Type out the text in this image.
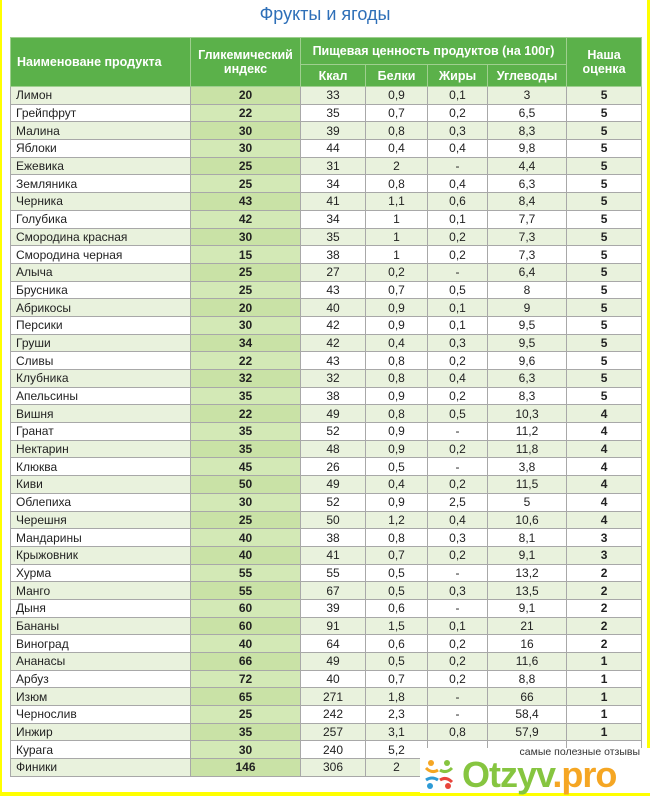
Фрукты и ягоды
Наименоване продукта	Гликемический индекс	Пищевая ценность продуктов (на 100г)				Наша оценка
		Ккал	Белки	Жиры	Углеводы	
Лимон	20	33	0,9	0,1	3	5
Грейпфрут	22	35	0,7	0,2	6,5	5
Малина	30	39	0,8	0,3	8,3	5
Яблоки	30	44	0,4	0,4	9,8	5
Ежевика	25	31	2	-	4,4	5
Земляника	25	34	0,8	0,4	6,3	5
Черника	43	41	1,1	0,6	8,4	5
Голубика	42	34	1	0,1	7,7	5
Смородина красная	30	35	1	0,2	7,3	5
Смородина черная	15	38	1	0,2	7,3	5
Алыча	25	27	0,2	-	6,4	5
Брусника	25	43	0,7	0,5	8	5
Абрикосы	20	40	0,9	0,1	9	5
Персики	30	42	0,9	0,1	9,5	5
Груши	34	42	0,4	0,3	9,5	5
Сливы	22	43	0,8	0,2	9,6	5
Клубника	32	32	0,8	0,4	6,3	5
Апельсины	35	38	0,9	0,2	8,3	5
Вишня	22	49	0,8	0,5	10,3	4
Гранат	35	52	0,9	-	11,2	4
Нектарин	35	48	0,9	0,2	11,8	4
Клюква	45	26	0,5	-	3,8	4
Киви	50	49	0,4	0,2	11,5	4
Облепиха	30	52	0,9	2,5	5	4
Черешня	25	50	1,2	0,4	10,6	4
Мандарины	40	38	0,8	0,3	8,1	3
Крыжовник	40	41	0,7	0,2	9,1	3
Хурма	55	55	0,5	-	13,2	2
Манго	55	67	0,5	0,3	13,5	2
Дыня	60	39	0,6	-	9,1	2
Бананы	60	91	1,5	0,1	21	2
Виноград	40	64	0,6	0,2	16	2
Ананасы	66	49	0,5	0,2	11,6	1
Арбуз	72	40	0,7	0,2	8,8	1
Изюм	65	271	1,8	-	66	1
Чернослив	25	242	2,3	-	58,4	1
Инжир	35	257	3,1	0,8	57,9	1
Курага	30	240	5,2			
Финики	146	306	2			
самые полезные отзывы
Otzyv.pro
